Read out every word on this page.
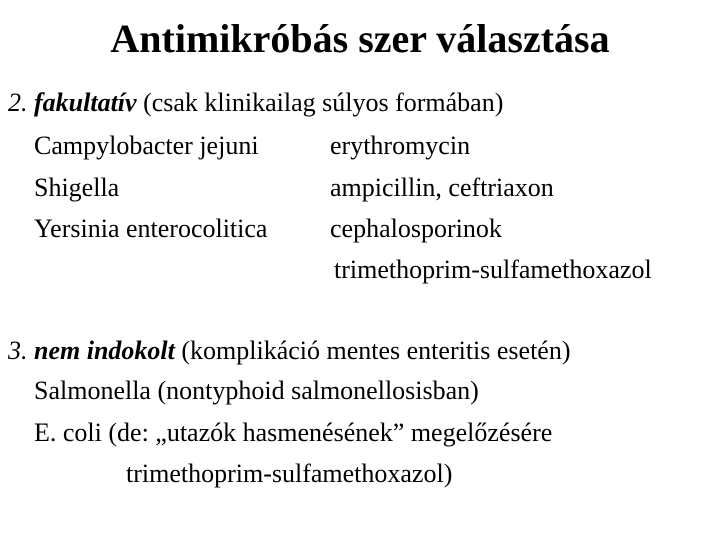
Antimikróbás szer választása
2. fakultatív (csak klinikailag súlyos formában)
Campylobacter jejuni	erythromycin
Shigella	ampicillin, ceftriaxon
Yersinia enterocolitica cephalosporinok
trimethoprim-sulfamethoxazol
3. nem indokolt (komplikáció mentes enteritis esetén)
Salmonella (nontyphoid salmonellosisban)
E. coli (de: „utazók hasmenésének” megelőzésére
trimethoprim-sulfamethoxazol)
